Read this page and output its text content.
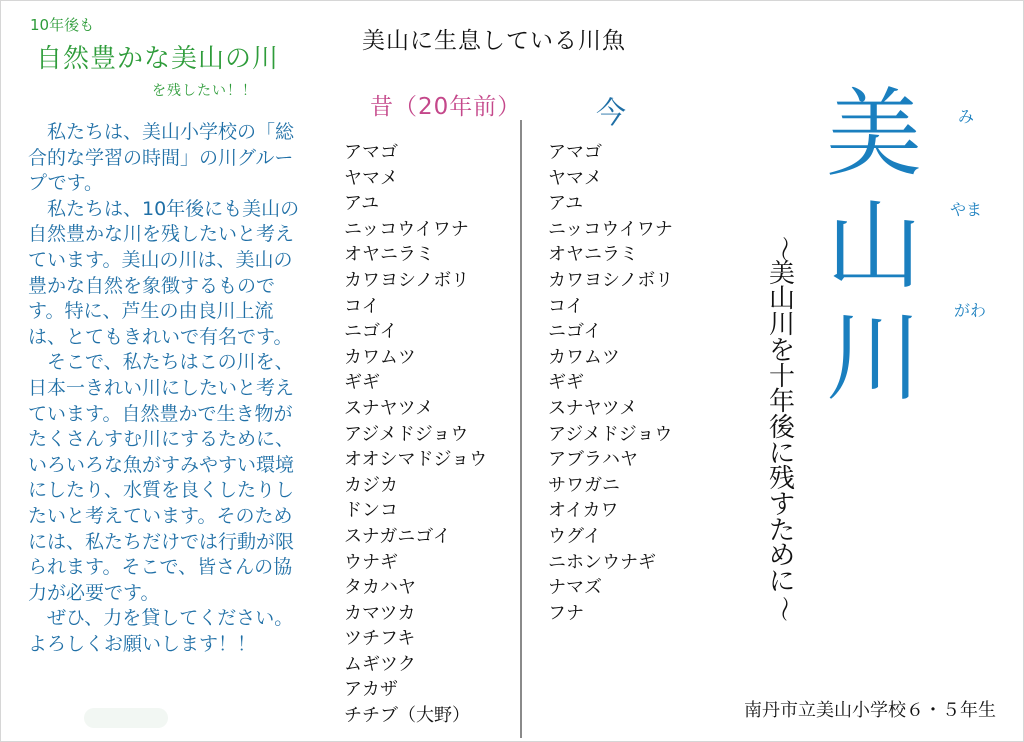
10年後も
自然豊かな美山の川
を残したい！！

私たちは、美山小学校の「総合的な学習の時間」の川グループです。

私たちは、10年後にも美山の自然豊かな川を残したいと考えています。美山の川は、美山の豊かな自然を象徴するものです。特に、芦生の由良川上流は、とてもきれいで有名です。

そこで、私たちはこの川を、日本一きれい川にしたいと考えています。自然豊かで生き物がたくさんすむ川にするために、いろいろな魚がすみやすい環境にしたり、水質を良くしたりしたいと考えています。そのためには、私たちだけでは行動が限られます。そこで、皆さんの協力が必要です。

ぜひ、力を貸してください。よろしくお願いします！！

美山に生息している川魚
昔（20年前） 今
アマゴ
ヤマメ
アユ
ニッコウイワナ
オヤニラミ
カワヨシノボリ
コイ
ニゴイ
カワムツ
ギギ
スナヤツメ
アジメドジョウ
オオシマドジョウ
カジカ
ドンコ
スナガニゴイ
ウナギ
タカハヤ
カマツカ
ツチフキ
ムギツク
アカザ
チチブ（大野）
アマゴ
ヤマメ
アユ
ニッコウイワナ
オヤニラミ
カワヨシノボリ
コイ
ニゴイ
カワムツ
ギギ
スナヤツメ
アジメドジョウ
アブラハヤ
サワガニ
オイカワ
ウグイ
ニホンウナギ
ナマズ
フナ
美
山
川
み
やま
がわ
～
美
山
川
を
十
年
後
に
残
す
た
め
に
～
南丹市立美山小学校６・５年生
